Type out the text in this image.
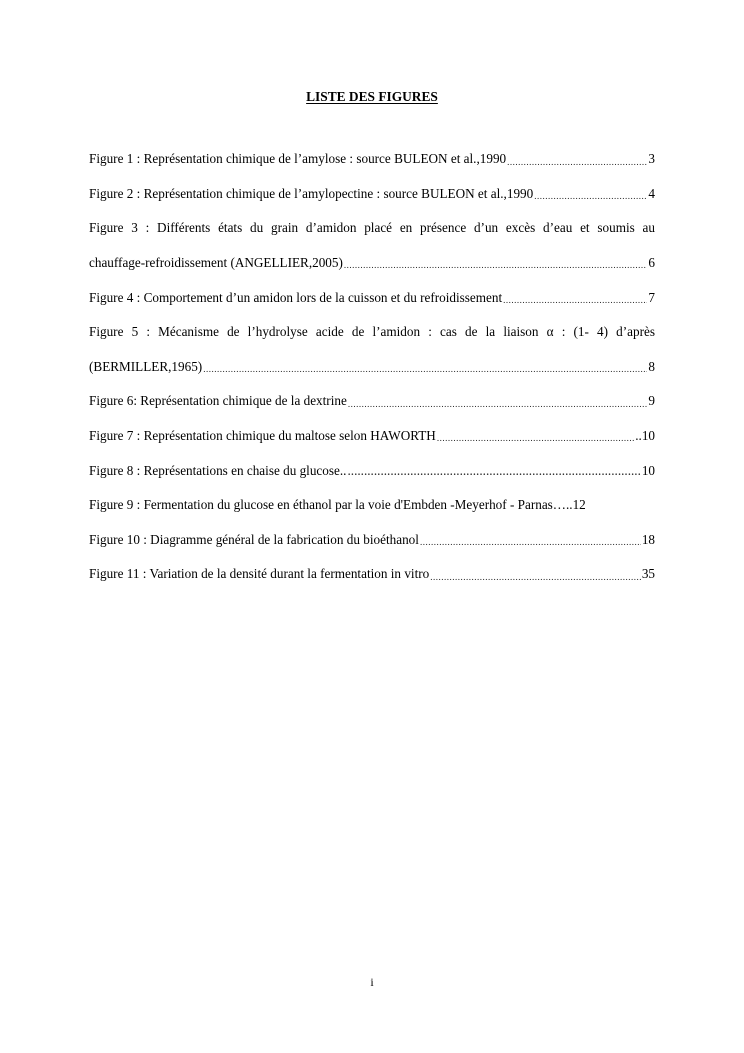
LISTE DES FIGURES
Figure 1 : Représentation chimique de l’amylose : source BULEON et al.,1990 .....	3
Figure 2 : Représentation chimique de l’amylopectine : source BULEON et al.,1990 .....	4
Figure 3 : Différents états du grain d’amidon placé en présence d’un excès d’eau et soumis au
chauffage-refroidissement (ANGELLIER,2005) .....	6
Figure 4 : Comportement d’un amidon lors de la cuisson et du refroidissement .....	7
Figure 5 : Mécanisme de l’hydrolyse acide de l’amidon : cas de la liaison α : (1- 4) d’après
(BERMILLER,1965) .....	8
Figure 6: Représentation chimique de la dextrine .....	9
Figure 7 : Représentation chimique du maltose selon HAWORTH .....	..10
Figure 8 : Représentations en chaise du glucose.. .....	10
Figure 9 : Fermentation du glucose en éthanol par la voie d'Embden -Meyerhof - Parnas…..12
Figure 10 : Diagramme général de la fabrication du bioéthanol .....	18
Figure 11 : Variation de la densité durant la fermentation in vitro .....	35
i
